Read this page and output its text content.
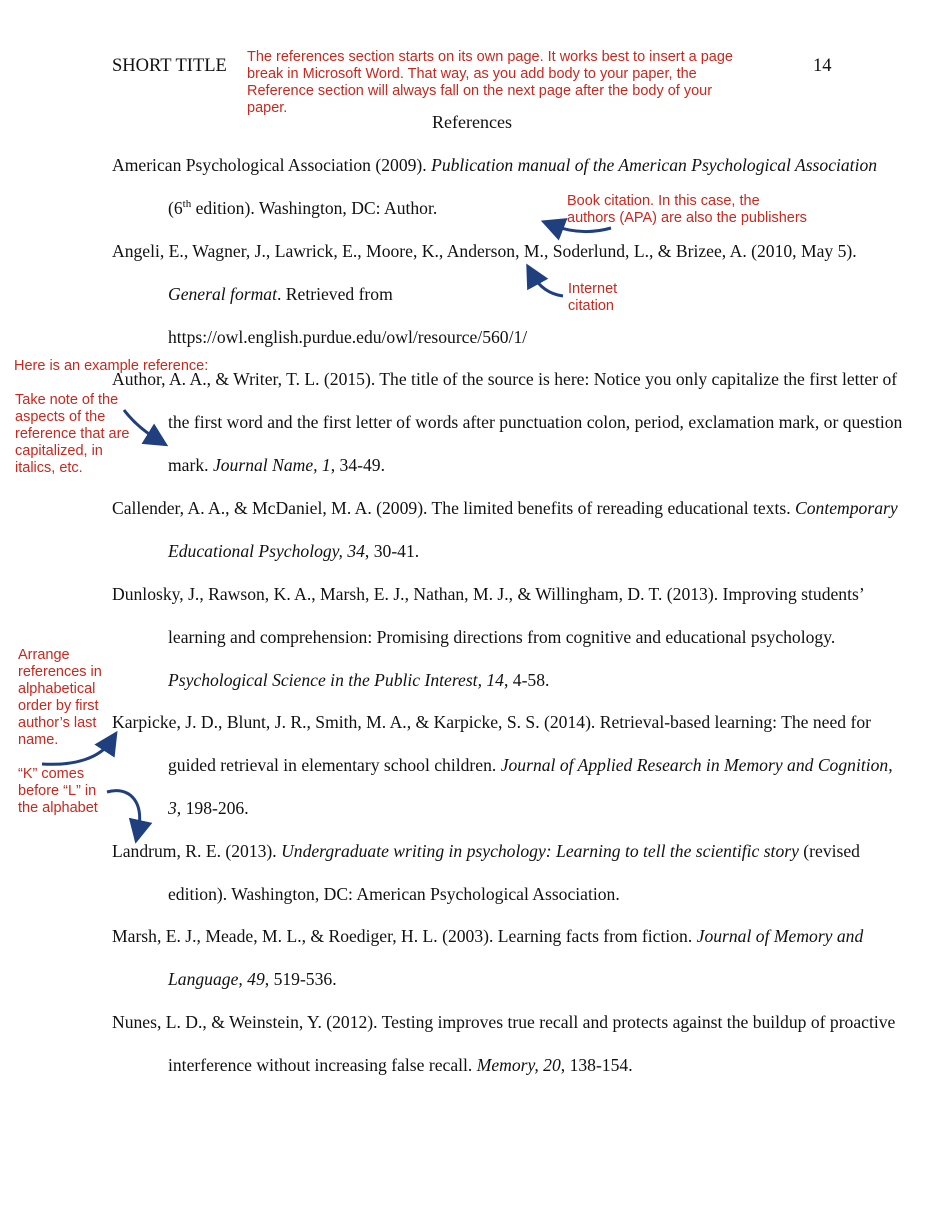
SHORT TITLE	14
References
The references section starts on its own page. It works best to insert a page break in Microsoft Word. That way, as you add body to your paper, the Reference section will always fall on the next page after the body of your paper.
Book citation. In this case, the
authors (APA) are also the publishers
Internet
citation
Here is an example reference:
Take note of the aspects of the reference that are capitalized, in italics, etc.
Arrange references in alphabetical order by first author’s last name.
“K” comes before “L” in the alphabet

American Psychological Association (2009). Publication manual of the American Psychological Association (6th edition). Washington, DC: Author.

Angeli, E., Wagner, J., Lawrick, E., Moore, K., Anderson, M., Soderlund, L., & Brizee, A. (2010, May 5). General format. Retrieved from
https://owl.english.purdue.edu/owl/resource/560/1/

Author, A. A., & Writer, T. L. (2015). The title of the source is here: Notice you only capitalize the first letter of the first word and the first letter of words after punctuation colon, period, exclamation mark, or question mark. Journal Name, 1, 34-49.

Callender, A. A., & McDaniel, M. A. (2009). The limited benefits of rereading educational texts. Contemporary Educational Psychology, 34, 30-41.

Dunlosky, J., Rawson, K. A., Marsh, E. J., Nathan, M. J., & Willingham, D. T. (2013). Improving students’ learning and comprehension: Promising directions from cognitive and educational psychology. Psychological Science in the Public Interest, 14, 4-58.

Karpicke, J. D., Blunt, J. R., Smith, M. A., & Karpicke, S. S. (2014). Retrieval-based learning: The need for guided retrieval in elementary school children. Journal of Applied Research in Memory and Cognition, 3, 198-206.

Landrum, R. E. (2013). Undergraduate writing in psychology: Learning to tell the scientific story (revised edition). Washington, DC: American Psychological Association.

Marsh, E. J., Meade, M. L., & Roediger, H. L. (2003). Learning facts from fiction. Journal of Memory and Language, 49, 519-536.

Nunes, L. D., & Weinstein, Y. (2012). Testing improves true recall and protects against the buildup of proactive interference without increasing false recall. Memory, 20, 138-154.
